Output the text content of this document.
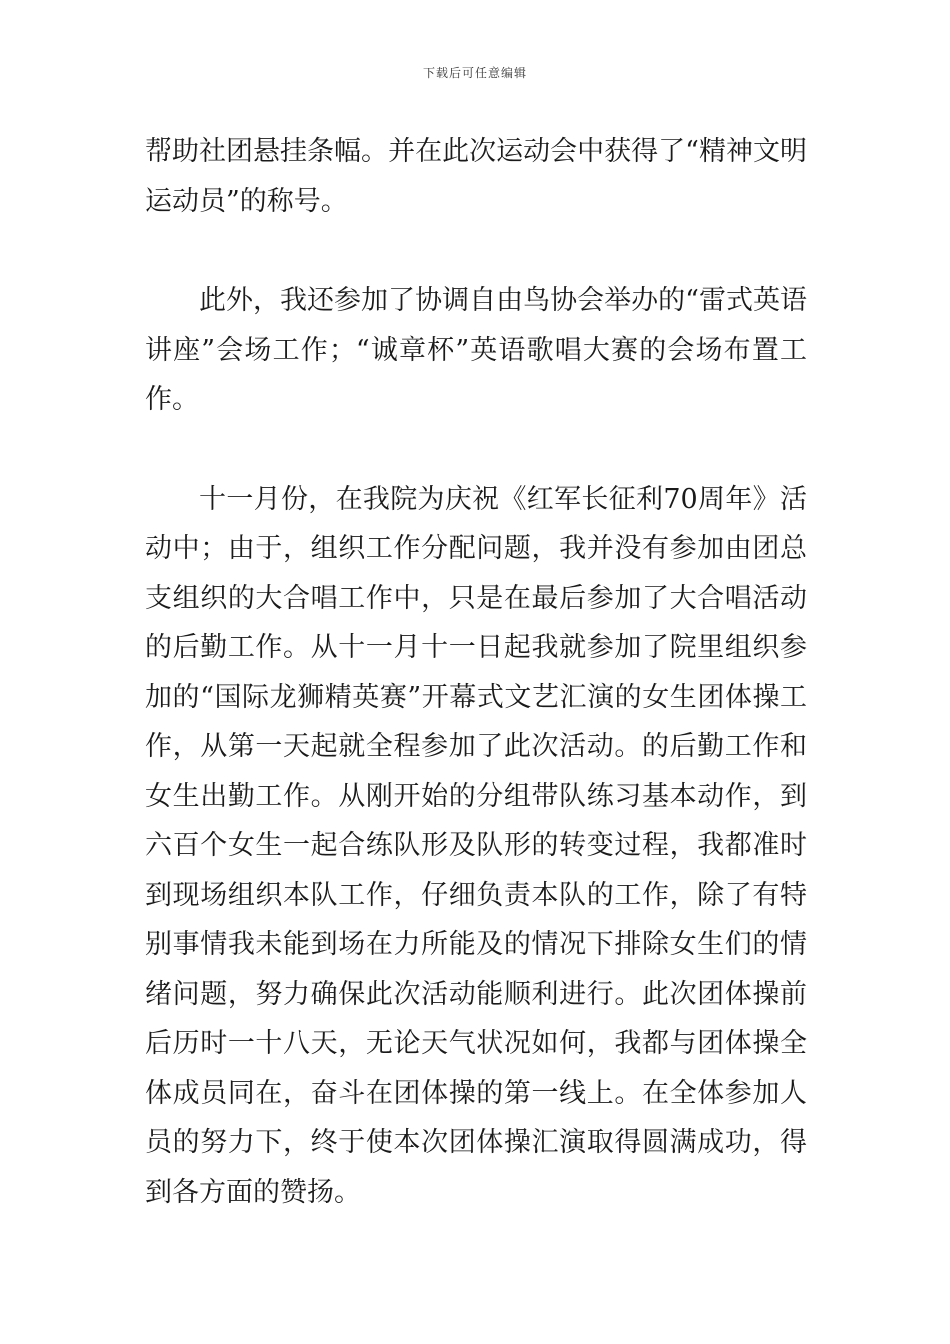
下载后可任意编辑

帮助社团悬挂条幅。并在此次运动会中获得了“精神文明运动员”的称号。

此外，我还参加了协调自由鸟协会举办的“雷式英语讲座”会场工作；“诚章杯”英语歌唱大赛的会场布置工作。

十一月份，在我院为庆祝《红军长征利70周年》活动中；由于，组织工作分配问题，我并没有参加由团总支组织的大合唱工作中，只是在最后参加了大合唱活动的后勤工作。从十一月十一日起我就参加了院里组织参加的“国际龙狮精英赛”开幕式文艺汇演的女生团体操工作，从第一天起就全程参加了此次活动。的后勤工作和女生出勤工作。从刚开始的分组带队练习基本动作，到六百个女生一起合练队形及队形的转变过程，我都准时到现场组织本队工作，仔细负责本队的工作，除了有特别事情我未能到场在力所能及的情况下排除女生们的情绪问题，努力确保此次活动能顺利进行。此次团体操前后历时一十八天，无论天气状况如何，我都与团体操全体成员同在，奋斗在团体操的第一线上。在全体参加人员的努力下，终于使本次团体操汇演取得圆满成功，得到各方面的赞扬。
